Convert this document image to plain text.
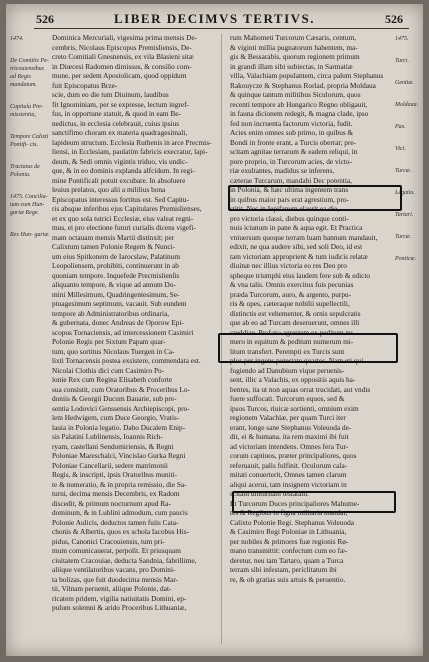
526	LIBER DECIMVS TERTIVS.	526
1474.
De Comitiis Pe- tricouiensibus ad Regis mandatum.
Capitula Pre- missientia,
Tempore Calixti Pontifi- cis.
Tractatus de Polonia.
1475. Concilia- tum cum Hun- gariæ Rege.
Rex Hun- gariæ.
Dominica Mercuriali, vigesima prima mensis De-
cembris, Nicolaus Episcopus Premisliensis, De-
creto Comitiali Gnesnensis, ex vila Blasieni sitæ
in Diœcesi Radomen dimissus, & consilio com-
mune, per sedem Apostolicam, quod oppidum
fuit Episcopatus Brze-
scie, dum eo die tum Diuinum, laudibus
fit Ignominiam, per se expresse, lectum ingref-
fus, in opportune statuit, & quod in eam Be-
nedictus, in ecclesia celebrauit, cuius ipsius
sanctifimo choram ex materia quadragesimali,
lapideum structum. Ecclesia Ruthenis in arce Precmis-
liensi, in Ecclesiam, paulatim fabricis execratur, lapi-
deum, & Sedi omnis vigintis triduo, vis undic-
que, & in eo dominis explanda alfcidum. In regi-
mine Pontificali potuit excubare. In absoluere
leuius prelatos, quo alii a mililius bona
Episcopatus interessus fortitus est. Sed Capitu-
ris absque inferibus ejus Capitulares Premislienses,
et ex quo sola tutrici Ecclesiæ, eius valeat regni-
mus, ei pro electione futuri curialis dicens vigefi-
mam octauam mensis Martii distinxit; per
Calixtum tamen Polonie Regem & Nunci-
um eius Spitkonem de Iarocslaw, Palatinum
Leopoliensem, prohibiti, continuerunt in ab
quoniam tempore. Inquefede Precmislienſis
aliquanto tempore, & vique ad annum Do-
mini Millesimum, Quadringentesimum, Se-
ptuagesimum septimum, vacauit. Sub eundem
tempore ab Administratoribus ordinaria,
& gubernata, donec Andreas de Oporow Epi-
scopus Tornaciensis, ad intercessionem Casimiri
Polonie Regis per Sixtum Papam quar-
tum, quo sortitus Nicolaus Tuergen in Ca-
lixti Tornacensis postea exsistere, commendata est.
Nicolai Clothis dici cum Casimiro Po-
lonie Rex cum Regina Elisabeth conforte
sua consistit, cum Oratoribus & Proceribus Lo-
doniis & Georgii Ducum Bauarie, sub pre-
sentia Lodovici Genssensis Archiepiscopi, pro-
lem Hedwigem, cum Duce Georgio, Vratis-
lauia in Polonia legatio. Dabo Ducalem Enip-
sis Palatini Lublinensis, Ioannis Rich-
ryam, castellani Sendomiriensis, & Regni
Poloniae Mareschalci, Vincislao Gurka Regni
Poloniae Cancellarii, sedere matrimonii
Regis, & inscripti, ipsis Oratoribus muniti-
te & numeratio, & in propria remissio, die Sa-
turni, decima mensis Decembris, ex Radom
discedit, & primum nocturnum apud Ra-
dominum, & in Lublini admodum, cum paucis
Polonie Aulicis, deductos tamen fuiis Cata-
chonis & Albertis, quos ex schola Iacobus His-
pidus, Canonici Cracouiensis, tum pri-
mum comunicauerat, perpolit. Et priusquam
ciuitatem Cracouiae, deducta Sandnia, fabrillime,
aliique ventilatoribus vacans, pro Domini-
ta bolizas, que fuit duodecima mensis Mar-
tii, Vilnam peruenit, aliique Polonie, dat-
ricatem pridem, vigilia natiuitatis Domini, ep-
pulum solemni & arido Proceribus Lithuaniæ,
rum Mahometi Turcorum Cæsaris, centum,
& viginti millia pugnatorum habentem, ma-
gis & Bessarabis, quorum regionem primum
in grandi illam sibi subiectas, in Sarmatiæ
villa, Valachiam populantem, circa palum Stephanus
Rakouycze & Stephanus Rorlad, propria Moldaua
& quinque tantum militibus Siculorum, quos
recenti tempore ab Hungarico Regno obligauit,
in fauna dicionem redegit, & magna clade, ipso
fed non incruenta factorum victoria, fudit.
Acies enim omnes sub primo, in quibus &
Bondi in fronte erant, a Turcis oberrat; pre-
scitam agnitae terrarum & eadem reliqui, in
pore proprio, in Turcorum acies, de victo-
riæ exultantes, madidus se inferens,
cæterae Turcarum, mandabi Dec potentia,
in Polonia, & hæc ultima ingentem trans
in quibus maior pars erat agrestium, pro-
stitit. Nec in Iepifanum elaurit ea die,
pro victoria classi, diebus quinque conti-
nuis iciunum in pane & aqua egit. Et Practica
vniuersum quoque terram luam bannum mandauit,
edixit, ne qua audere sibi, sed soli Deo, id est
tam victoriam approprient & tum iudicis relatæ
diuinæ nec illius victoria eo res Deo pro
spheque triumphi eius laudem fere sub & edicto
& vna talis. Omnis exercitus fuis pecunias
præda Turcorum, auro, & argento, purpu-
ris & opes, cæteraque nobilii supellectili,
distinctis est vehementer, & ornis sepulcratis
que ab eo ad Turcam deseruerunt, omnes illi
creddiae. Profana agrestem ex peditum nu-
mero in equitum & peditum numerum mi-
litum transfert. Perempti ex Turcis sunt
plus per ingens potestate quartos. Nam eti qui
fugiendo ad Danubium vique peruenis-
sent, illic a Valachis, ex oppositis aquis ha-
bentes, ita ut non aquas orrat trucidati, aut vndis
fuere suffocati. Turcorum equos, sed &
ipsos Turcos, riuicæ sortienti, omnium exim
regionem Valachiæ, per quam Turci iter
erant, longe sane Stephanus Voleuoda de-
dit, ei & humana. ita rem maximi ibi fuit
ad victoriam intendens. Omnes fera Tur-
corum captiuos, præter principaliores, quos
referuauit, palis fulfinit. Oculorum cala-
mitati conuerterit, Omnes tamen clarum
aliqui acerui, tam insignem victoriam in
scitam dinturnam testatam.
Et Turcorum Duces principaliores Mahume-
tes & Regibus in figna militaria mandat,
Calixto Polonie Regi. Stephanus Voleuoda
& Casimiro Regi Poloniae in Lithuania,
per nobiles & primores fuæ regionis Rø-
mano transmittit: confectum cum eo fæ-
deretur, neu tam Tartaro, quam a Turca
terram sibi infestam, periclitatum ibi
re, & ob gratias suis artuis & peruentio.
1475.
Turci.
Gentiæ.
Moldaua.
Pax.
Vict.
Turcæ.
Legatio.
Tartari.
Turcæ.
Ponticæ.
